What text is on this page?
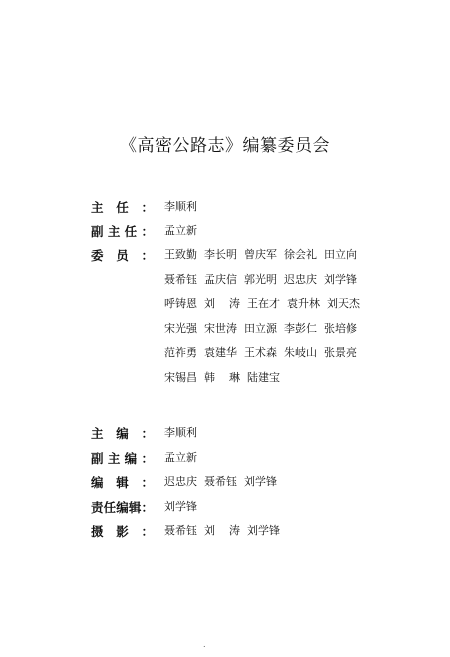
《高密公路志》编纂委员会
主 任 ： 李顺利
副 主 任 ： 孟立新
委 员 ： 王致勤  李长明  曾庆军  徐会礼  田立向
聂希钰  孟庆信  郭光明  迟忠庆  刘学锋
呼铸恩  刘    涛  王在才  袁升林  刘天杰
宋光强  宋世涛  田立源  李彭仁  张培修
范祚勇  袁建华  王术森  朱岐山  张景亮
宋锡昌  韩    琳  陆建宝
主 编 ： 李顺利
副 主 编 ： 孟立新
编 辑 ： 迟忠庆  聂希钰  刘学锋
责 任 编 辑 ： 刘学锋
摄 影 ： 聂希钰  刘    涛  刘学锋
.
